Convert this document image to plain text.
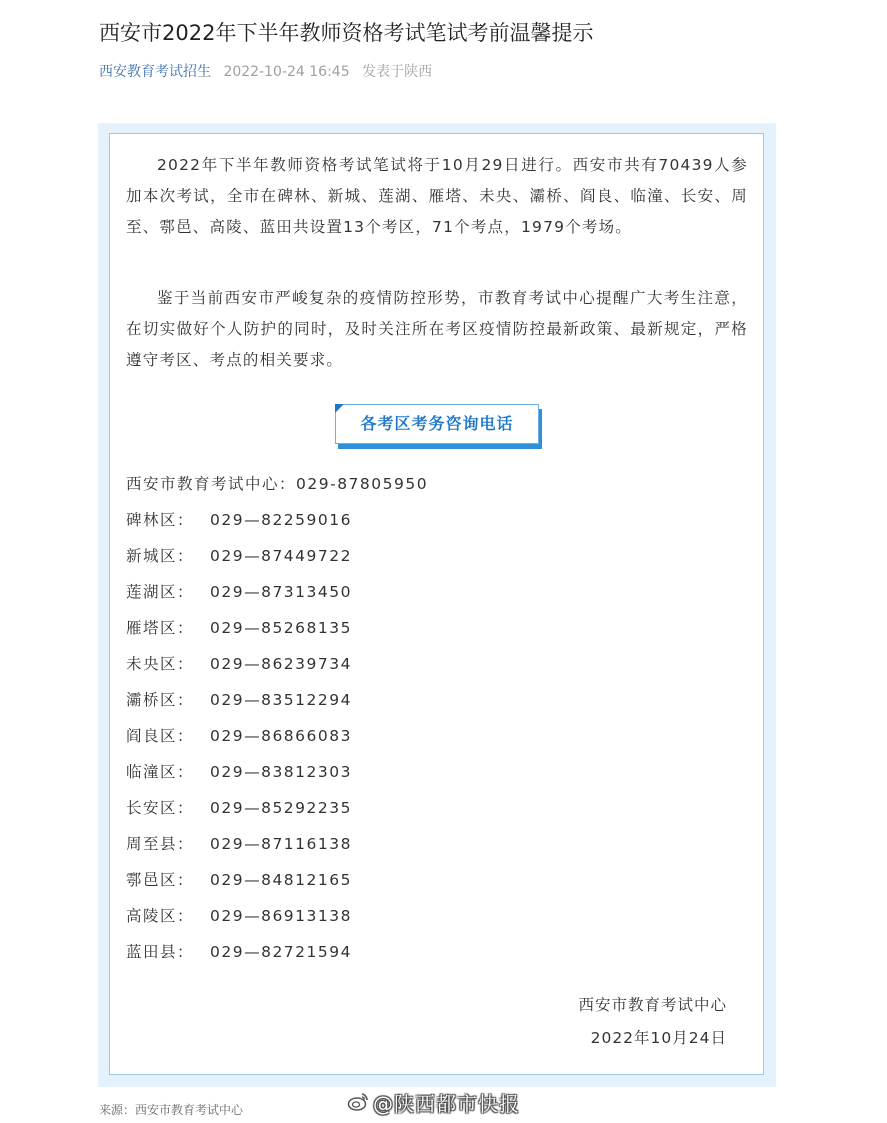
西安市2022年下半年教师资格考试笔试考前温馨提示
西安教育考试招生 2022-10-24 16:45 发表于陕西

2022年下半年教师资格考试笔试将于10月29日进行。西安市共有70439人参加本次考试，全市在碑林、新城、莲湖、雁塔、未央、灞桥、阎良、临潼、长安、周至、鄠邑、高陵、蓝田共设置13个考区，71个考点，1979个考场。

鉴于当前西安市严峻复杂的疫情防控形势，市教育考试中心提醒广大考生注意，在切实做好个人防护的同时，及时关注所在考区疫情防控最新政策、最新规定，严格遵守考区、考点的相关要求。

各考区考务咨询电话
西安市教育考试中心：029-87805950
碑林区： 029—82259016
新城区： 029—87449722
莲湖区： 029—87313450
雁塔区： 029—85268135
未央区： 029—86239734
灞桥区： 029—83512294
阎良区： 029—86866083
临潼区： 029—83812303
长安区： 029—85292235
周至县： 029—87116138
鄠邑区： 029—84812165
高陵区： 029—86913138
蓝田县： 029—82721594
西安市教育考试中心
2022年10月24日
来源：西安市教育考试中心	@陕西都市快报
